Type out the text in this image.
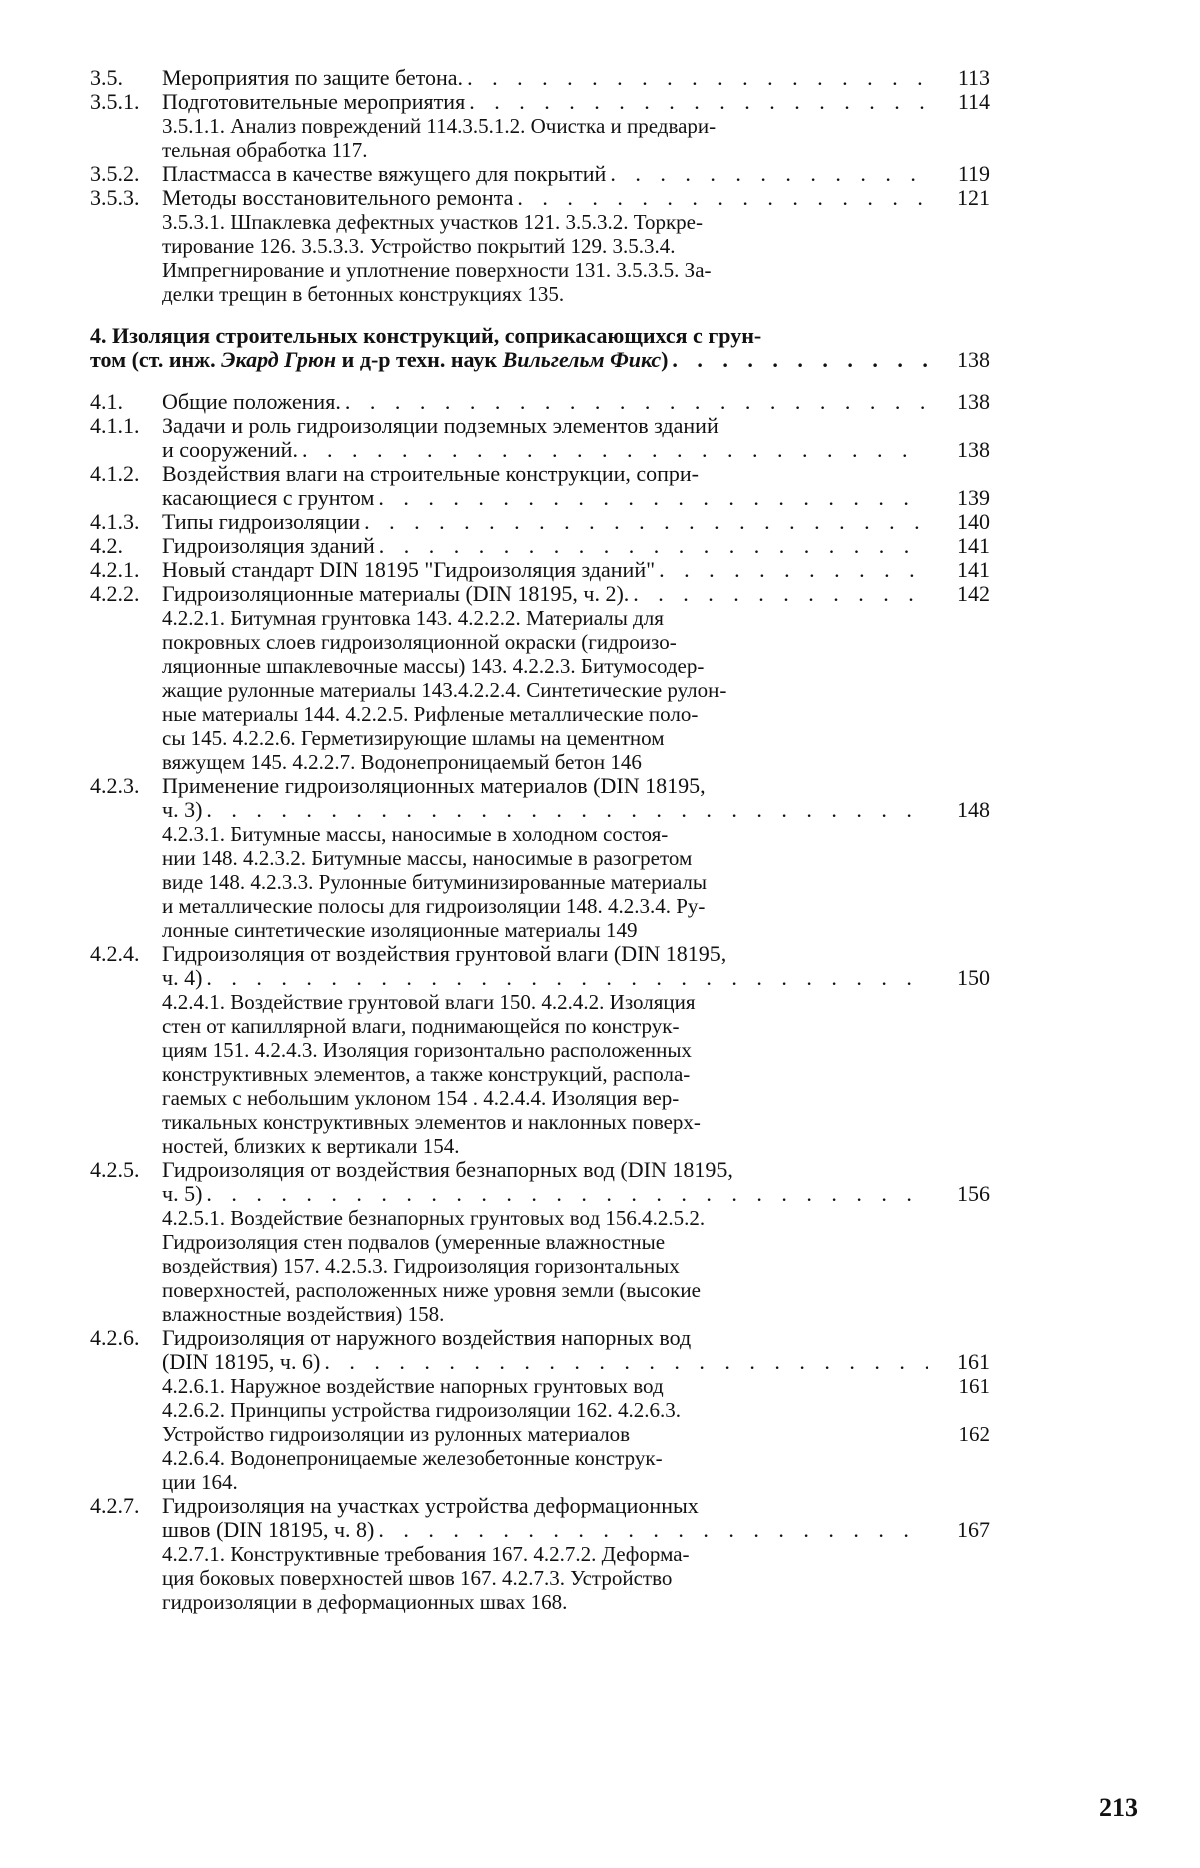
3.5. Мероприятия по защите бетона. . . .	113
3.5.1. Подготовительные мероприятия . . .	114
3.5.1.1. Анализ повреждений 114.3.5.1.2. Очистка и предвари-
тельная обработка 117.
3.5.2. Пластмасса в качестве вяжущего для покрытий . . .	119
3.5.3. Методы восстановительного ремонта . . .	121
3.5.3.1. Шпаклевка дефектных участков 121. 3.5.3.2. Торкре-
тирование 126. 3.5.3.3. Устройство покрытий 129. 3.5.3.4.
Импрегнирование и уплотнение поверхности 131. 3.5.3.5. За-
делки трещин в бетонных конструкциях 135.
4. Изоляция строительных конструкций, соприкасающихся с грун-
том (ст. инж. Экард Грюн и д-р техн. наук Вильгельм Фикс) . . .	138
4.1. Общие положения. . . .	138
4.1.1. Задачи и роль гидроизоляции подземных элементов зданий
и сооружений. . . .	138
4.1.2. Воздействия влаги на строительные конструкции, сопри-
касающиеся с грунтом . . .	139
4.1.3. Типы гидроизоляции . . .	140
4.2. Гидроизоляция зданий . . .	141
4.2.1. Новый стандарт DIN 18195 "Гидроизоляция зданий" . . .	141
4.2.2. Гидроизоляционные материалы (DIN 18195, ч. 2). . . .	142
4.2.2.1. Битумная грунтовка 143. 4.2.2.2. Материалы для
покровных слоев гидроизоляционной окраски (гидроизо-
ляционные шпаклевочные массы) 143. 4.2.2.3. Битумосодер-
жащие рулонные материалы 143.4.2.2.4. Синтетические рулон-
ные материалы 144. 4.2.2.5. Рифленые металлические поло-
сы 145. 4.2.2.6. Герметизирующие шламы на цементном
вяжущем 145. 4.2.2.7. Водонепроницаемый бетон 146
4.2.3. Применение гидроизоляционных материалов (DIN 18195,
ч. 3) . . .	148
4.2.3.1. Битумные массы, наносимые в холодном состоя-
нии 148. 4.2.3.2. Битумные массы, наносимые в разогретом
виде 148. 4.2.3.3. Рулонные битуминизированные материалы
и металлические полосы для гидроизоляции 148. 4.2.3.4. Ру-
лонные синтетические изоляционные материалы 149
4.2.4. Гидроизоляция от воздействия грунтовой влаги (DIN 18195,
ч. 4) . . .	150
4.2.4.1. Воздействие грунтовой влаги 150. 4.2.4.2. Изоляция
стен от капиллярной влаги, поднимающейся по конструк-
циям 151. 4.2.4.3. Изоляция горизонтально расположенных
конструктивных элементов, а также конструкций, распола-
гаемых с небольшим уклоном 154 . 4.2.4.4. Изоляция вер-
тикальных конструктивных элементов и наклонных поверх-
ностей, близких к вертикали 154.
4.2.5. Гидроизоляция от воздействия безнапорных вод (DIN 18195,
ч. 5) . . .	156
4.2.5.1. Воздействие безнапорных грунтовых вод 156.4.2.5.2.
Гидроизоляция стен подвалов (умеренные влажностные
воздействия) 157. 4.2.5.3. Гидроизоляция горизонтальных
поверхностей, расположенных ниже уровня земли (высокие
влажностные воздействия) 158.
4.2.6. Гидроизоляция от наружного воздействия напорных вод
(DIN 18195, ч. 6) . . .	161
4.2.6.1. Наружное воздействие напорных грунтовых вод	161
4.2.6.2. Принципы устройства гидроизоляции 162. 4.2.6.3.
Устройство гидроизоляции из рулонных материалов	162
4.2.6.4. Водонепроницаемые железобетонные конструк-
ции 164.
4.2.7. Гидроизоляция на участках устройства деформационных
швов (DIN 18195, ч. 8) . . .	167
4.2.7.1. Конструктивные требования 167. 4.2.7.2. Деформа-
ция боковых поверхностей швов 167. 4.2.7.3. Устройство
гидроизоляции в деформационных швах 168.
213
